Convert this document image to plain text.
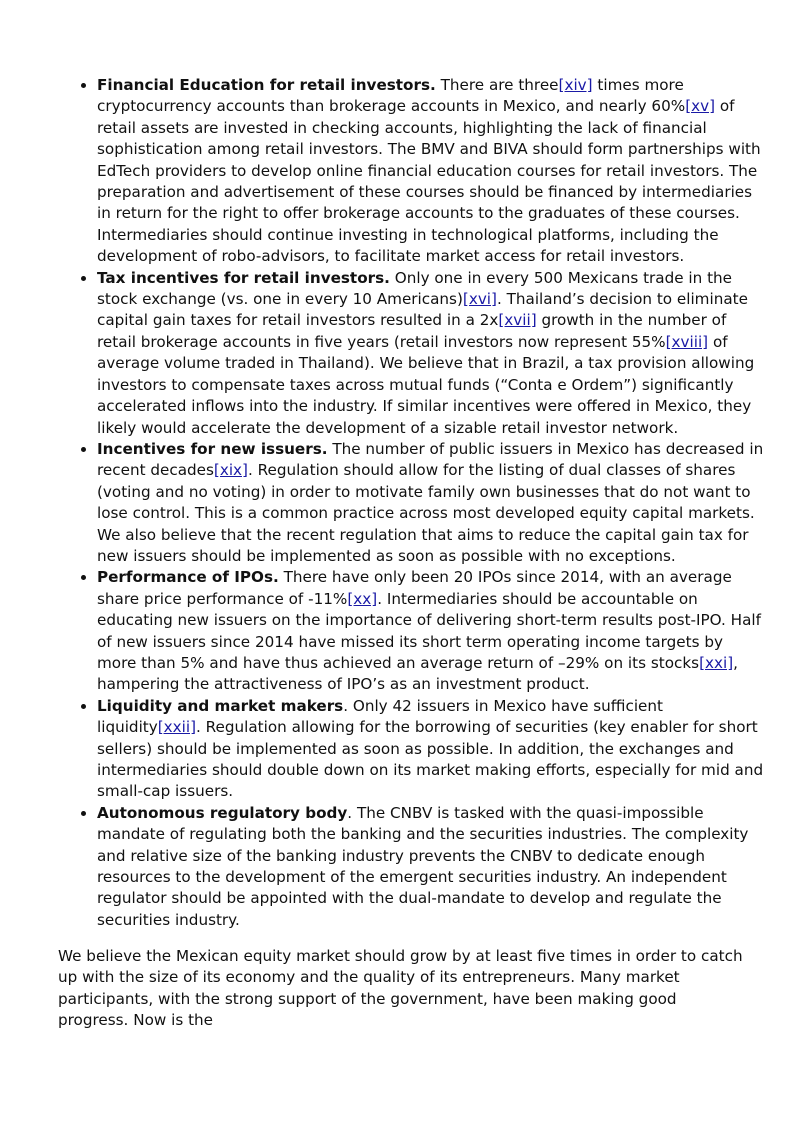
• Financial Education for retail investors. There are three[xiv] times more cryptocurrency accounts than brokerage accounts in Mexico, and nearly 60%[xv] of retail assets are invested in checking accounts, highlighting the lack of financial sophistication among retail investors. The BMV and BIVA should form partnerships with EdTech providers to develop online financial education courses for retail investors. The preparation and advertisement of these courses should be financed by intermediaries in return for the right to offer brokerage accounts to the graduates of these courses. Intermediaries should continue investing in technological platforms, including the development of robo-advisors, to facilitate market access for retail investors.
• Tax incentives for retail investors. Only one in every 500 Mexicans trade in the stock exchange (vs. one in every 10 Americans)[xvi]. Thailand’s decision to eliminate capital gain taxes for retail investors resulted in a 2x[xvii] growth in the number of retail brokerage accounts in five years (retail investors now represent 55%[xviii] of average volume traded in Thailand). We believe that in Brazil, a tax provision allowing investors to compensate taxes across mutual funds (“Conta e Ordem”) significantly accelerated inflows into the industry. If similar incentives were offered in Mexico, they likely would accelerate the development of a sizable retail investor network.
• Incentives for new issuers. The number of public issuers in Mexico has decreased in recent decades[xix]. Regulation should allow for the listing of dual classes of shares (voting and no voting) in order to motivate family own businesses that do not want to lose control. This is a common practice across most developed equity capital markets. We also believe that the recent regulation that aims to reduce the capital gain tax for new issuers should be implemented as soon as possible with no exceptions.
• Performance of IPOs. There have only been 20 IPOs since 2014, with an average share price performance of -11%[xx]. Intermediaries should be accountable on educating new issuers on the importance of delivering short-term results post-IPO. Half of new issuers since 2014 have missed its short term operating income targets by more than 5% and have thus achieved an average return of –29% on its stocks[xxi], hampering the attractiveness of IPO’s as an investment product.
• Liquidity and market makers. Only 42 issuers in Mexico have sufficient liquidity[xxii]. Regulation allowing for the borrowing of securities (key enabler for short sellers) should be implemented as soon as possible. In addition, the exchanges and intermediaries should double down on its market making efforts, especially for mid and small-cap issuers.
• Autonomous regulatory body. The CNBV is tasked with the quasi-impossible mandate of regulating both the banking and the securities industries. The complexity and relative size of the banking industry prevents the CNBV to dedicate enough resources to the development of the emergent securities industry. An independent regulator should be appointed with the dual-mandate to develop and regulate the securities industry.

We believe the Mexican equity market should grow by at least five times in order to catch up with the size of its economy and the quality of its entrepreneurs. Many market participants, with the strong support of the government, have been making good progress. Now is the
